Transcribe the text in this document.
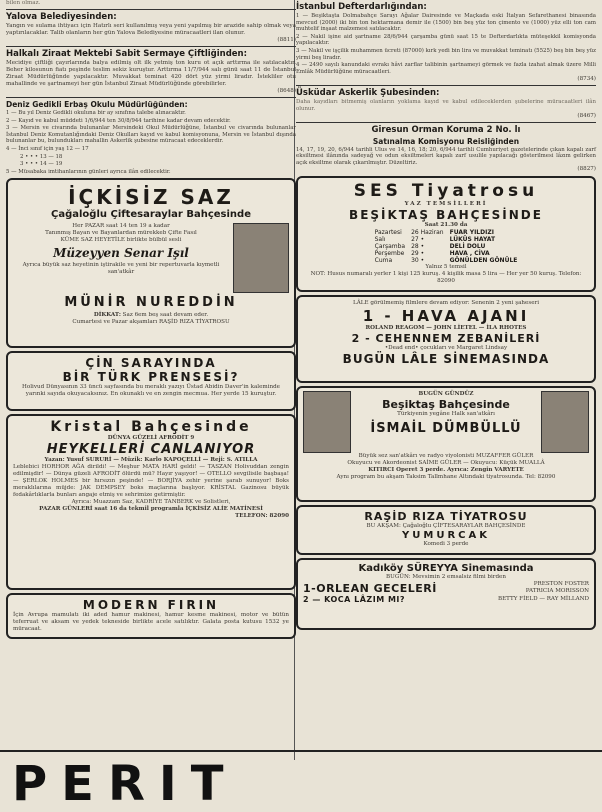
bilen olmaz.
Yalova Belediyesinden:
Yangın ve sulama ihtiyacı için Hatırlı seri kullanılmış veya yeni yapılmış bir arazide sahip olmak veya yaptırılacaklar. Talib olanların her gün Yalova Belediyesine müracaatleri ilan olunur.
(8811)
Halkalı Ziraat Mektebi Sabit Sermaye Çiftliğinden:
Mecidiye çiftliği çayırlarında balya edilmiş olt ilk yetmiş ton kuru ot açık arttırma ile satılacaktır. Beher kilosunun fiatı peşinde teslim sekiz kuruştur. Arttırma 11/7/944 salı günü saat 11 de İstanbul Ziraat Müdürlüğünde yapılacaktır. Muvakkat teminat 420 dört yüz yirmi liradır. İstekliler otu mahallinde ve şartnameyi her gün İstanbul Ziraat Müdürlüğünde görebilirler.
(8648)
Deniz Gedikli Erbaş Okulu Müdürlüğünden:

1 — Bu yıl Deniz Gedikli okuluna bir ay sınıfına talebe alınacaktır.

2 — Kayıd ve kabul müddeti 1/6/944 ten 30/8/944 tarihine kadar devam edecektir.

3 — Mersin ve civarında bulunanlar Mersindeki Okul Müdürlüğüne, İstanbul ve civarında bulunanlar İstanbul Deniz Komutanlığındaki Deniz Okulları kayıd ve kabul komisyonuna, Mersin ve İstanbul dışında bulunanlar bu, bulundukları mahallin Askerlik şubesine müracaat edeceklerdir.

4 — İnci sınıf için yaş 12 — 17

2 • • • 13 — 18

3 • • • 14 — 19

5 — Müsabaka imtihanlarının günleri ayrıca ilân edilecektir.

İÇKİSİZ SAZ
Çağaloğlu Çiftesaraylar Bahçesinde
Her PAZAR saat 14 ten 19 a kadar
Tanınmış Bayan ve Bayanlardan mürekkeb Çifte Fasıl
KÜME SAZ HEYETİLE birlikte bülbül sesli
Müzeyyen Senar Işıl
Ayrıca büyük saz heyetinin iştirakile ve yeni bir repertuvarla kıymetli san'atkâr
MÜNİR NUREDDİN
DİKKAT: Saz 6em beş saat devam eder.
Cumartesi ve Pazar akşamları RAŞİD RIZA TİYATROSU
ÇİN SARAYINDA
BİR TÜRK PRENSESİ?
Holivud Dünyasının 33 üncü sayfasında bu meraklı yazıyı Üstad Abidin Daver'in kaleminde yarınki sayıda okuyacaksınız. En okunaklı ve en zengin mecmua. Her yerde 15 kuruştur.
Kristal Bahçesinde
DÜNYA GÜZELİ AFRODİT 9
HEYKELLERİ CANLANIYOR
Yazan: Yusuf SURURİ — Müzik: Karlo KAPOÇELLİ — Reji: S. ATILLA
Leblebici HORHOR AĞA dirildi! — Meşhur MATA HARİ geldi! — TASZAN Holivuddan zengin edilmişdir! — Dünya güzeli AFRODİT ölürdü mü? Hayır yaşıyor! — OTELLO sevgilisile başbaşa! — ŞERLOK HOLMES bir hırsızın peşinde! — BORJİYA zehir yerine şarab sunuyor! Boks meraklılarına müjde: JAK DEMPSEY boks maçlarına başlıyor. KRİSTAL Gazinosu büyük fedakârlıklarla bunları angaje etmiş ve sehrimize getirmiştir.
Ayrıca: Muazzam Saz, KADRİYE TANBERK ve Solistleri,
PAZAR GÜNLERİ saat 16 da tekmil programla İÇKİSİZ ALİE MATİNESİ
TELEFON: 82090
MODERN FIRIN
İçin Avrupa mamulatı iki aded hamur makinesi, hamur kesme makinesi, motor ve bütün teferruat ve aksam ve yedek tekneside birlikte acele satılıktır. Galata posta kutusu 1532 ye müracaat.
İstanbul Defterdarlığından:

1 — Beşiktaşta Dolmabahçe Sarayı Ağalar Dairesinde ve Maçkada eski İtalyan Sefarethanesi binasında mevcud (2000) iki bin ton hektarmana demir ile (1500) bin beş yüz ton çimento ve (1000) yüz elli ton cam muhtelif inşaat malzemesi satılacaktır.

2 — Nakil işine aid şartname 28/6/944 çarşamba günü saat 15 te Defterdarlıkta müteşekkil komisyonda yapılacaktır.

3 — Nakil ve işçilik muhammen ücreti (87000) kırk yedi bin lira ve muvakkat teminatı (5525) beş bin beş yüz yirmi beş liradır.

4 — 2490 sayılı kanundaki evrakı hâvi zarflar talibinin şartnameyi görmek ve fazla izahat almak üzere Milli Emlâk Müdürlüğüne müracaatleri.

(8734)
Üsküdar Askerlik Şubesinden:
Daha kayıdları bitmemiş olanların yoklama kayıd ve kabul edileceklerden şubelerine müracaatleri ilân olunur.
(8467)
Giresun Orman Koruma 2 No. lı
Satınalma Komisyonu Reisliğinden
14, 17, 19, 20, 6/944 tarihli Ulus ve 14, 16, 18; 20, 6/944 tarihli Cumhuriyet gazetelerinde çıkan kapalı zarf eksiltmesi ilânında sadeyağ ve odun eksiltmeleri kapalı zarf usulile yapılacağı gösterilmesi lâzım gelirken açık eksiltme olarak çıkarılmıştır. Düzeltiriz.
(8827)
SES Tiyatrosu
YAZ TEMSİLLERİ
BEŞİKTAŞ BAHÇESİNDE
Saat 21.30 da
Pazartesi	26 Haziran	FUAR YILDIZI
Salı	27 •	LÜKÜS HAYAT
Çarşamba	28 •	DELİ DOLU
Perşembe	29 •	HAVA , CİVA
Cuma	30 •	GÖNÜLDEN GÖNÜLE
Yalnız 5 temsil
NOT: Husus numaralı yerler 1 kişi 125 kuruş. 4 kişilik masa 5 lira — Her yer 50 kuruş. Telefon: 82090
LÂLE görülmemiş filmlere devam ediyor: Senenin 2 yeni şaheseri
1 - HAVA AJANI
ROLAND REAGOM — JOHN LİETEL — İLA RHOTES
2 - CEHENNEM ZEBANİLERİ
•Dead end• çocukları ve Margaret Lindsay
BUGÜN LÂLE SİNEMASINDA
BUGÜN GÜNDÜZ
Beşiktaş Bahçesinde
Türkiyenin yegâne Halk san'atkârı
İSMAİL DÜMBÜLLÜ
Büyük sez san'atkârı ve radyo viyolonisti MUZAFFER GÜLER
Okuyucu ve Akordeonist SAİME GÜLER — Okuyucu: Küçük MUALLÂ
KITIRCI Operet 3 perde. Ayrıca: Zengin VARYETE
Aynı program bu akşam Taksim Tallmhane Altındaki tiyatrosunda. Tel: 82090
RAŞİD RIZA TİYATROSU
BU AKŞAM: Çağaloğlu ÇİFTESARAYLAR BAHÇESİNDE
YUMURCAK
Komedi 3 perde
Kadıköy SÜREYYA Sinemasında
BUGÜN: Mevsimin 2 emsalsiz filmi birden
1-ORLEAN GECELERİ	PRESTON FOSTER
PATRICIA MORISSON
2 — KOCA LÂZIM MI?	BETTY FİELD — RAY MİLLAND
PERIT
